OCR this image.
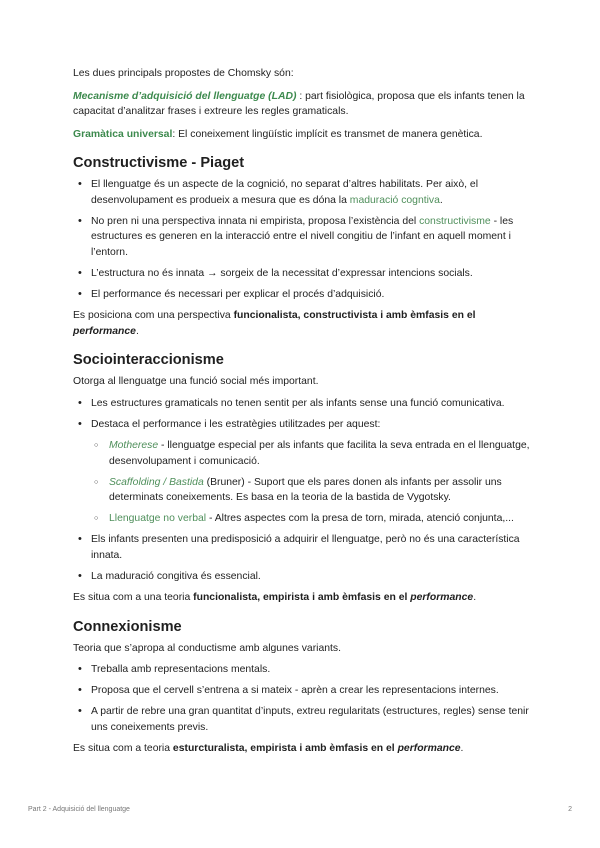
Les dues principals propostes de Chomsky són:

Mecanisme d’adquisició del llenguatge (LAD) : part fisiològica, proposa que els infants tenen la capacitat d’analitzar frases i extreure les regles gramaticals.

Gramàtica universal: El coneixement lingüístic implícit es transmet de manera genètica.

Constructivisme - Piaget
• El llenguatge és un aspecte de la cognició, no separat d’altres habilitats. Per això, el desenvolupament es produeix a mesura que es dóna la maduració cogntiva.
• No pren ni una perspectiva innata ni empirista, proposa l’existència del constructivisme - les estructures es generen en la interacció entre el nivell congitiu de l’infant en aquell moment i l’entorn.
• L’estructura no és innata → sorgeix de la necessitat d’expressar intencions socials.
• El performance és necessari per explicar el procés d’adquisició.

Es posiciona com una perspectiva funcionalista, constructivista i amb èmfasis en el performance.

Sociointeraccionisme

Otorga al llenguatge una funció social més important.

• Les estructures gramaticals no tenen sentit per als infants sense una funció comunicativa.
• Destaca el performance i les estratègies utilitzades per aquest:
○ Motherese - llenguatge especial per als infants que facilita la seva entrada en el llenguatge, desenvolupament i comunicació.
○ Scaffolding / Bastida (Bruner) - Suport que els pares donen als infants per assolir uns determinats coneixements. Es basa en la teoria de la bastida de Vygotsky.
○ Llenguatge no verbal - Altres aspectes com la presa de torn, mirada, atenció conjunta,...
• Els infants presenten una predisposició a adquirir el llenguatge, però no és una característica innata.
• La maduració congitiva és essencial.

Es situa com a una teoria funcionalista, empirista i amb èmfasis en el performance.

Connexionisme

Teoria que s’apropa al conductisme amb algunes variants.

• Treballa amb representacions mentals.
• Proposa que el cervell s’entrena a si mateix - aprèn a crear les representacions internes.
• A partir de rebre una gran quantitat d’inputs, extreu regularitats (estructures, regles) sense tenir uns coneixements previs.

Es situa com a teoria esturcturalista, empirista i amb èmfasis en el performance.

Part 2 - Adquisició del llenguatge	2
